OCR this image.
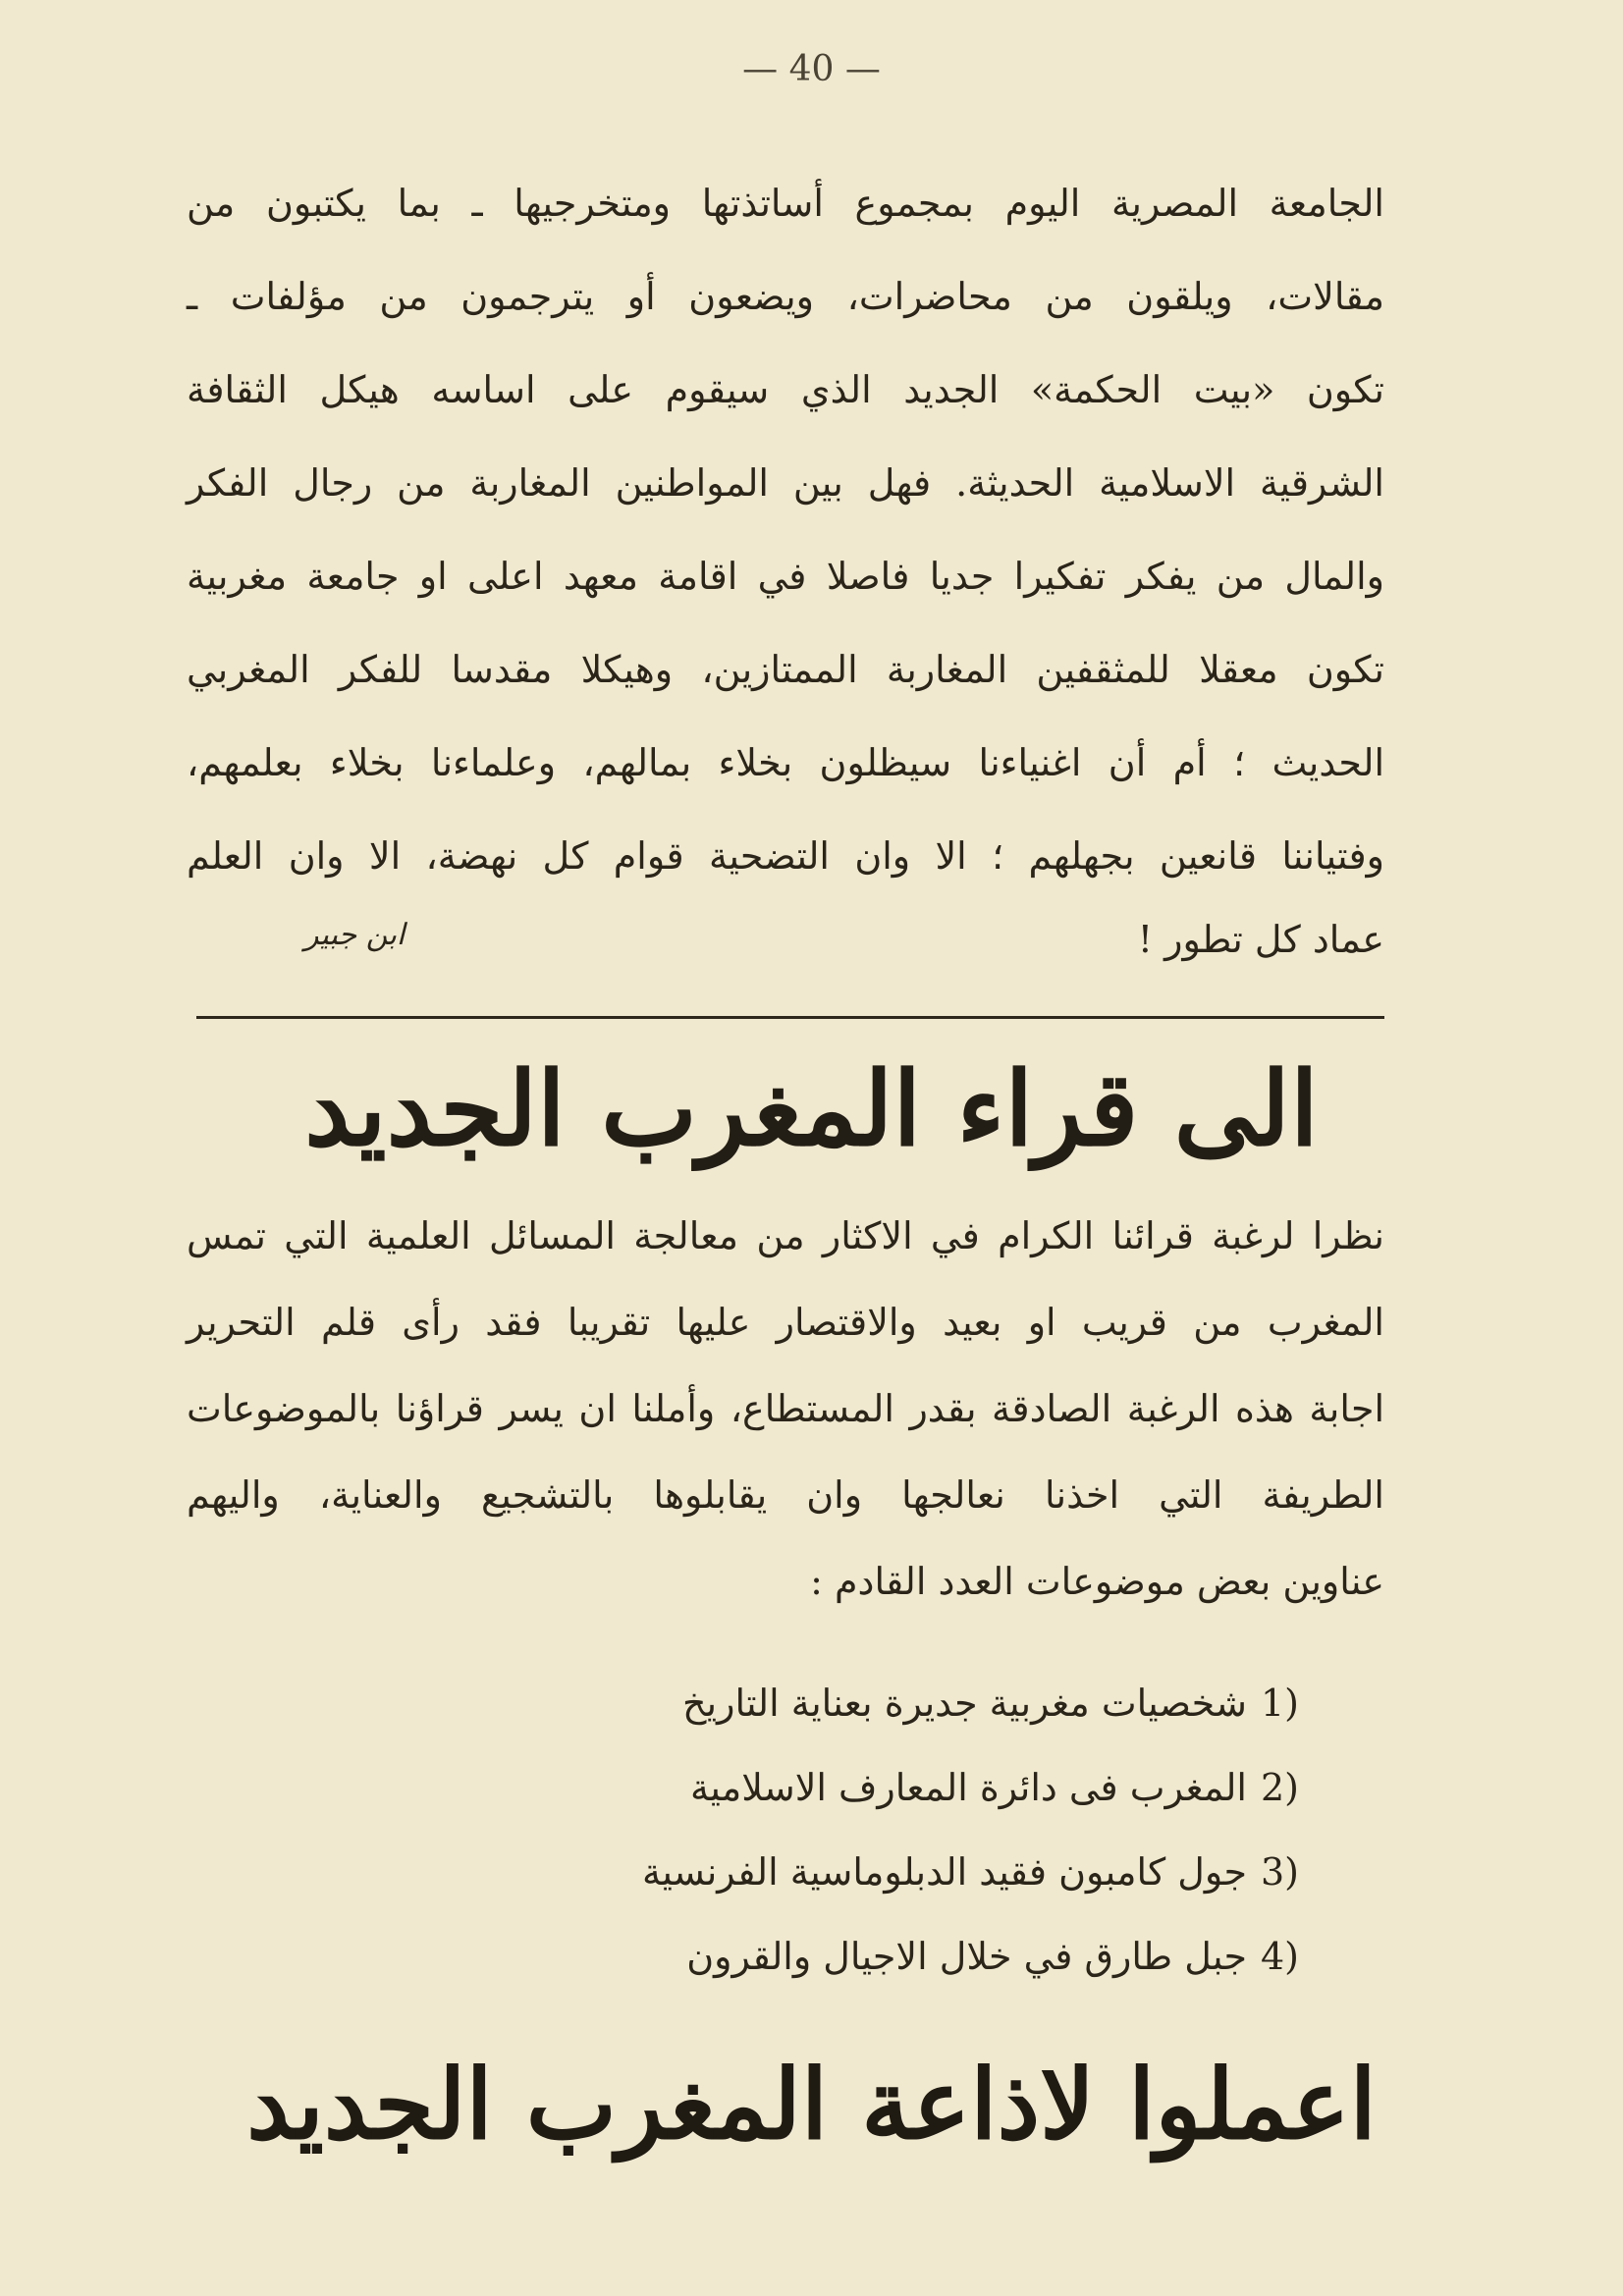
— 40 —
الجامعة المصرية اليوم بمجموع أساتذتها ومتخرجيها ـ بما يكتبون من
مقالات، ويلقون من محاضرات، ويضعون أو يترجمون من مؤلفات ـ
تكون «بيت الحكمة» الجديد الذي سيقوم على اساسه هيكل الثقافة
الشرقية الاسلامية الحديثة. فهل بين المواطنين المغاربة من رجال الفكر
والمال من يفكر تفكيرا جديا فاصلا في اقامة معهد اعلى او جامعة مغربية
تكون معقلا للمثقفين المغاربة الممتازين، وهيكلا مقدسا للفكر المغربي
الحديث ؛ أم أن اغنياءنا سيظلون بخلاء بمالهم، وعلماءنا بخلاء بعلمهم،
وفتياننا قانعين بجهلهم ؛ الا وان التضحية قوام كل نهضة، الا وان العلم
عماد كل تطور !
ابن جبير
الى قراء المغرب الجديد
نظرا لرغبة قرائنا الكرام في الاكثار من معالجة المسائل العلمية التي تمس
المغرب من قريب او بعيد والاقتصار عليها تقريبا فقد رأى قلم التحرير
اجابة هذه الرغبة الصادقة بقدر المستطاع، وأملنا ان يسر قراؤنا بالموضوعات
الطريفة التي اخذنا نعالجها وان يقابلوها بالتشجيع والعناية، واليهم
عناوين بعض موضوعات العدد القادم :
1)
شخصيات مغربية جديرة بعناية التاريخ
2)
المغرب فى دائرة المعارف الاسلامية
3)
جول كامبون فقيد الدبلوماسية الفرنسية
4)
جبل طارق في خلال الاجيال والقرون
اعملوا لاذاعة المغرب الجديد
